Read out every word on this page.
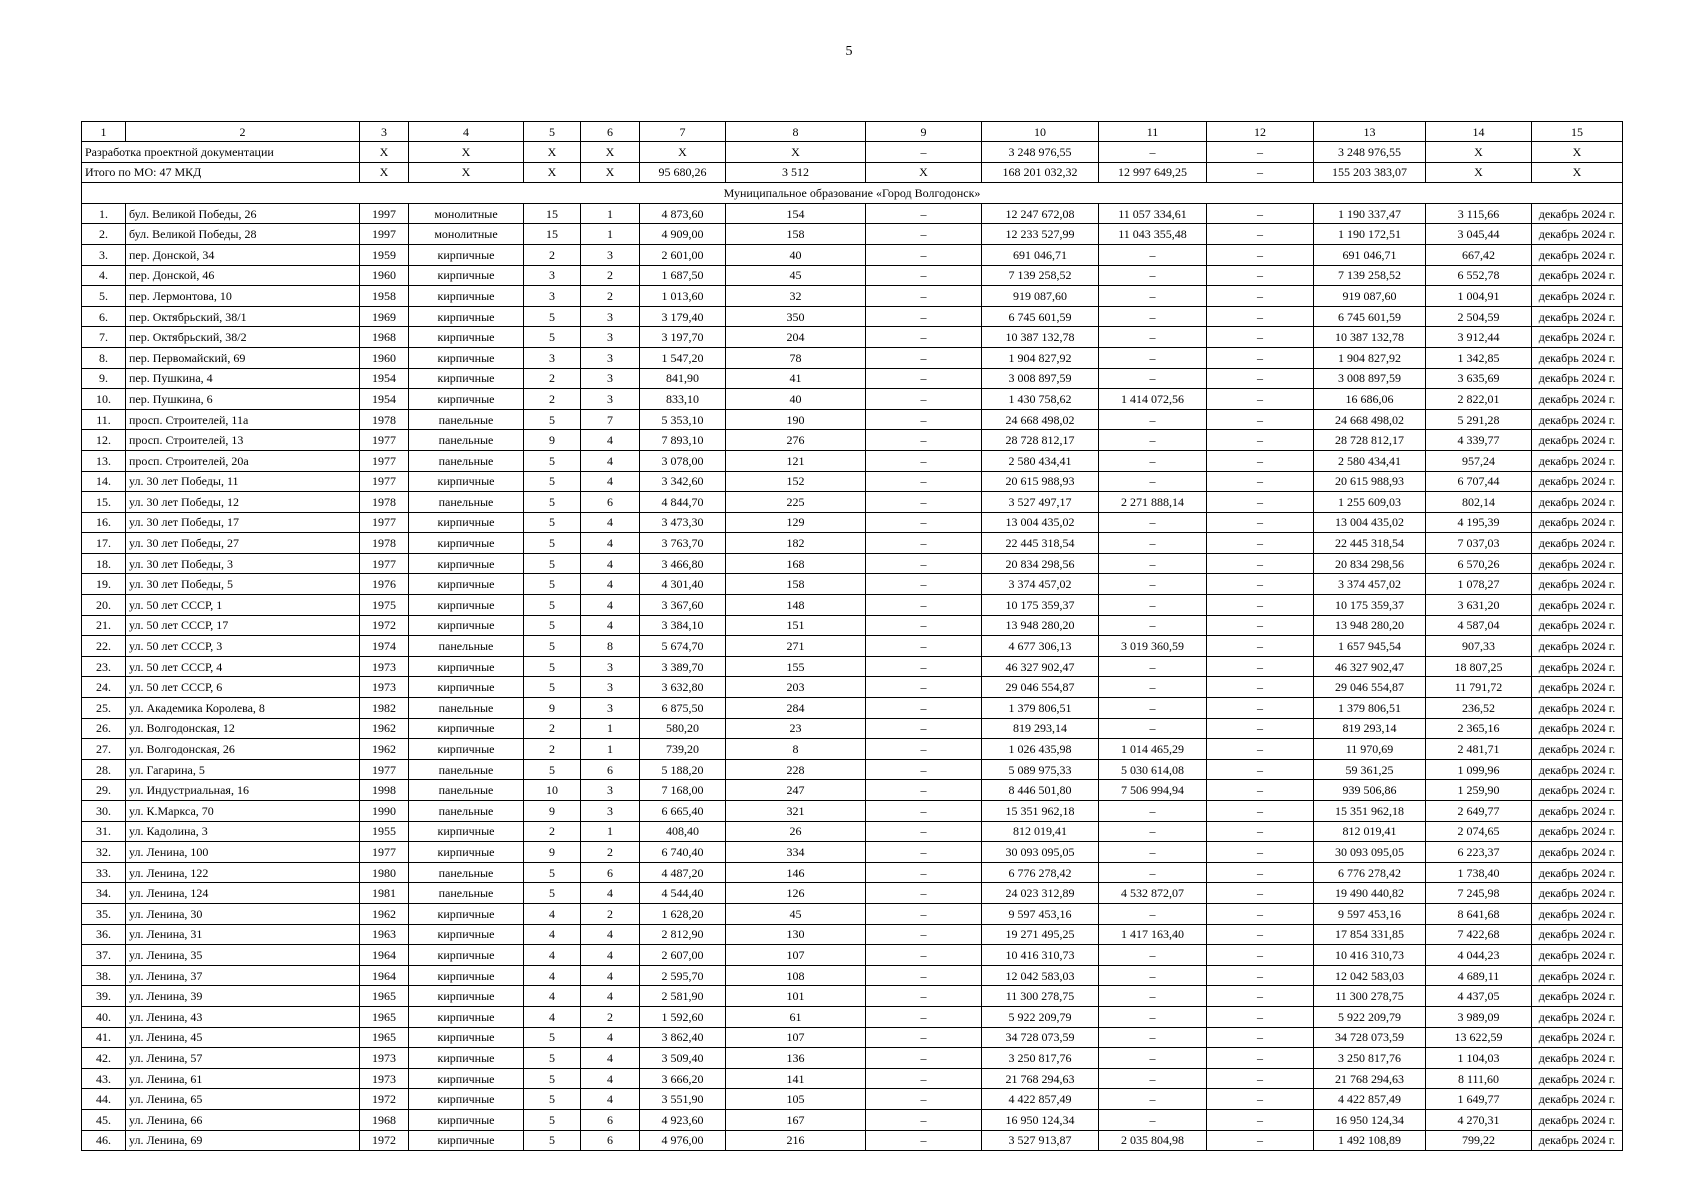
5
1	2	3	4	5	6	7	8	9	10	11	12	13	14	15
Разработка проектной документации		X	X	X	X	X	X	–	3 248 976,55	–	–	3 248 976,55	X	X
Итого по МО: 47 МКД		X	X	X	X	95 680,26	3 512	X	168 201 032,32	12 997 649,25	–	155 203 383,07	X	X
Муниципальное образование «Город Волгодонск»														
1.	бул. Великой Победы, 26	1997	монолитные	15	1	4 873,60	154	–	12 247 672,08	11 057 334,61	–	1 190 337,47	3 115,66	декабрь 2024 г.
2.	бул. Великой Победы, 28	1997	монолитные	15	1	4 909,00	158	–	12 233 527,99	11 043 355,48	–	1 190 172,51	3 045,44	декабрь 2024 г.
3.	пер. Донской, 34	1959	кирпичные	2	3	2 601,00	40	–	691 046,71	–	–	691 046,71	667,42	декабрь 2024 г.
4.	пер. Донской, 46	1960	кирпичные	3	2	1 687,50	45	–	7 139 258,52	–	–	7 139 258,52	6 552,78	декабрь 2024 г.
5.	пер. Лермонтова, 10	1958	кирпичные	3	2	1 013,60	32	–	919 087,60	–	–	919 087,60	1 004,91	декабрь 2024 г.
6.	пер. Октябрьский, 38/1	1969	кирпичные	5	3	3 179,40	350	–	6 745 601,59	–	–	6 745 601,59	2 504,59	декабрь 2024 г.
7.	пер. Октябрьский, 38/2	1968	кирпичные	5	3	3 197,70	204	–	10 387 132,78	–	–	10 387 132,78	3 912,44	декабрь 2024 г.
8.	пер. Первомайский, 69	1960	кирпичные	3	3	1 547,20	78	–	1 904 827,92	–	–	1 904 827,92	1 342,85	декабрь 2024 г.
9.	пер. Пушкина, 4	1954	кирпичные	2	3	841,90	41	–	3 008 897,59	–	–	3 008 897,59	3 635,69	декабрь 2024 г.
10.	пер. Пушкина, 6	1954	кирпичные	2	3	833,10	40	–	1 430 758,62	1 414 072,56	–	16 686,06	2 822,01	декабрь 2024 г.
11.	просп. Строителей, 11а	1978	панельные	5	7	5 353,10	190	–	24 668 498,02	–	–	24 668 498,02	5 291,28	декабрь 2024 г.
12.	просп. Строителей, 13	1977	панельные	9	4	7 893,10	276	–	28 728 812,17	–	–	28 728 812,17	4 339,77	декабрь 2024 г.
13.	просп. Строителей, 20а	1977	панельные	5	4	3 078,00	121	–	2 580 434,41	–	–	2 580 434,41	957,24	декабрь 2024 г.
14.	ул. 30 лет Победы, 11	1977	кирпичные	5	4	3 342,60	152	–	20 615 988,93	–	–	20 615 988,93	6 707,44	декабрь 2024 г.
15.	ул. 30 лет Победы, 12	1978	панельные	5	6	4 844,70	225	–	3 527 497,17	2 271 888,14	–	1 255 609,03	802,14	декабрь 2024 г.
16.	ул. 30 лет Победы, 17	1977	кирпичные	5	4	3 473,30	129	–	13 004 435,02	–	–	13 004 435,02	4 195,39	декабрь 2024 г.
17.	ул. 30 лет Победы, 27	1978	кирпичные	5	4	3 763,70	182	–	22 445 318,54	–	–	22 445 318,54	7 037,03	декабрь 2024 г.
18.	ул. 30 лет Победы, 3	1977	кирпичные	5	4	3 466,80	168	–	20 834 298,56	–	–	20 834 298,56	6 570,26	декабрь 2024 г.
19.	ул. 30 лет Победы, 5	1976	кирпичные	5	4	4 301,40	158	–	3 374 457,02	–	–	3 374 457,02	1 078,27	декабрь 2024 г.
20.	ул. 50 лет СССР, 1	1975	кирпичные	5	4	3 367,60	148	–	10 175 359,37	–	–	10 175 359,37	3 631,20	декабрь 2024 г.
21.	ул. 50 лет СССР, 17	1972	кирпичные	5	4	3 384,10	151	–	13 948 280,20	–	–	13 948 280,20	4 587,04	декабрь 2024 г.
22.	ул. 50 лет СССР, 3	1974	панельные	5	8	5 674,70	271	–	4 677 306,13	3 019 360,59	–	1 657 945,54	907,33	декабрь 2024 г.
23.	ул. 50 лет СССР, 4	1973	кирпичные	5	3	3 389,70	155	–	46 327 902,47	–	–	46 327 902,47	18 807,25	декабрь 2024 г.
24.	ул. 50 лет СССР, 6	1973	кирпичные	5	3	3 632,80	203	–	29 046 554,87	–	–	29 046 554,87	11 791,72	декабрь 2024 г.
25.	ул. Академика Королева, 8	1982	панельные	9	3	6 875,50	284	–	1 379 806,51	–	–	1 379 806,51	236,52	декабрь 2024 г.
26.	ул. Волгодонская, 12	1962	кирпичные	2	1	580,20	23	–	819 293,14	–	–	819 293,14	2 365,16	декабрь 2024 г.
27.	ул. Волгодонская, 26	1962	кирпичные	2	1	739,20	8	–	1 026 435,98	1 014 465,29	–	11 970,69	2 481,71	декабрь 2024 г.
28.	ул. Гагарина, 5	1977	панельные	5	6	5 188,20	228	–	5 089 975,33	5 030 614,08	–	59 361,25	1 099,96	декабрь 2024 г.
29.	ул. Индустриальная, 16	1998	панельные	10	3	7 168,00	247	–	8 446 501,80	7 506 994,94	–	939 506,86	1 259,90	декабрь 2024 г.
30.	ул. К.Маркса, 70	1990	панельные	9	3	6 665,40	321	–	15 351 962,18	–	–	15 351 962,18	2 649,77	декабрь 2024 г.
31.	ул. Кадолина, 3	1955	кирпичные	2	1	408,40	26	–	812 019,41	–	–	812 019,41	2 074,65	декабрь 2024 г.
32.	ул. Ленина, 100	1977	кирпичные	9	2	6 740,40	334	–	30 093 095,05	–	–	30 093 095,05	6 223,37	декабрь 2024 г.
33.	ул. Ленина, 122	1980	панельные	5	6	4 487,20	146	–	6 776 278,42	–	–	6 776 278,42	1 738,40	декабрь 2024 г.
34.	ул. Ленина, 124	1981	панельные	5	4	4 544,40	126	–	24 023 312,89	4 532 872,07	–	19 490 440,82	7 245,98	декабрь 2024 г.
35.	ул. Ленина, 30	1962	кирпичные	4	2	1 628,20	45	–	9 597 453,16	–	–	9 597 453,16	8 641,68	декабрь 2024 г.
36.	ул. Ленина, 31	1963	кирпичные	4	4	2 812,90	130	–	19 271 495,25	1 417 163,40	–	17 854 331,85	7 422,68	декабрь 2024 г.
37.	ул. Ленина, 35	1964	кирпичные	4	4	2 607,00	107	–	10 416 310,73	–	–	10 416 310,73	4 044,23	декабрь 2024 г.
38.	ул. Ленина, 37	1964	кирпичные	4	4	2 595,70	108	–	12 042 583,03	–	–	12 042 583,03	4 689,11	декабрь 2024 г.
39.	ул. Ленина, 39	1965	кирпичные	4	4	2 581,90	101	–	11 300 278,75	–	–	11 300 278,75	4 437,05	декабрь 2024 г.
40.	ул. Ленина, 43	1965	кирпичные	4	2	1 592,60	61	–	5 922 209,79	–	–	5 922 209,79	3 989,09	декабрь 2024 г.
41.	ул. Ленина, 45	1965	кирпичные	5	4	3 862,40	107	–	34 728 073,59	–	–	34 728 073,59	13 622,59	декабрь 2024 г.
42.	ул. Ленина, 57	1973	кирпичные	5	4	3 509,40	136	–	3 250 817,76	–	–	3 250 817,76	1 104,03	декабрь 2024 г.
43.	ул. Ленина, 61	1973	кирпичные	5	4	3 666,20	141	–	21 768 294,63	–	–	21 768 294,63	8 111,60	декабрь 2024 г.
44.	ул. Ленина, 65	1972	кирпичные	5	4	3 551,90	105	–	4 422 857,49	–	–	4 422 857,49	1 649,77	декабрь 2024 г.
45.	ул. Ленина, 66	1968	кирпичные	5	6	4 923,60	167	–	16 950 124,34	–	–	16 950 124,34	4 270,31	декабрь 2024 г.
46.	ул. Ленина, 69	1972	кирпичные	5	6	4 976,00	216	–	3 527 913,87	2 035 804,98	–	1 492 108,89	799,22	декабрь 2024 г.
